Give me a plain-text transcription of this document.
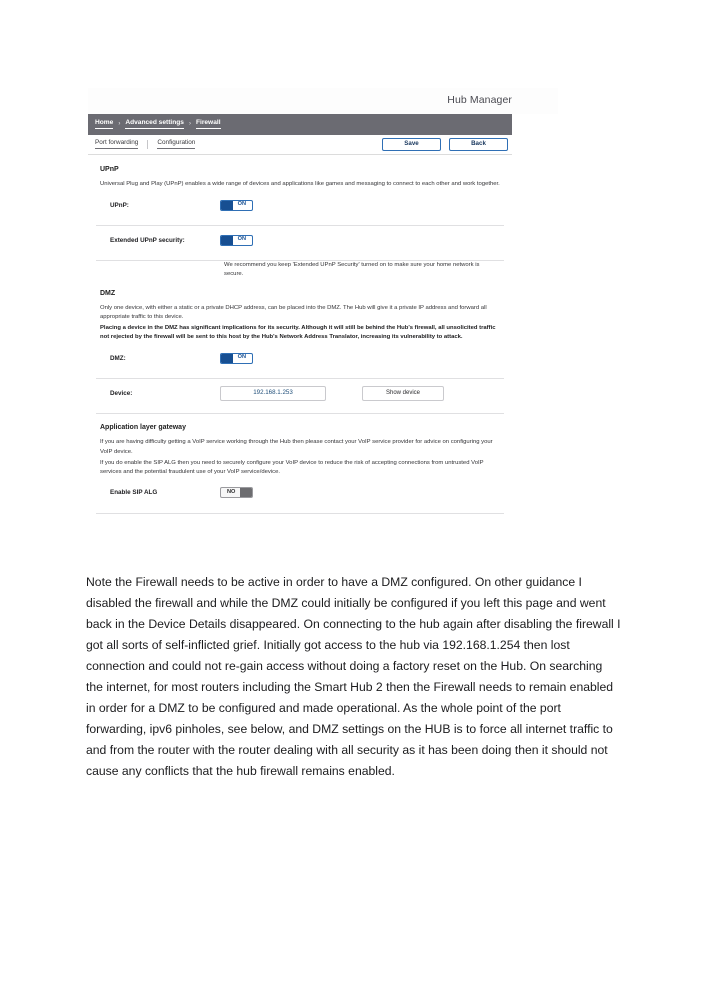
Hub Manager
Home › Advanced settings › Firewall
Port forwarding	Configuration	Save	Back
UPnP

Universal Plug and Play (UPnP) enables a wide range of devices and applications like games and messaging to connect to each other and work together.

UPnP:	ON
Extended UPnP security:	ON

We recommend you keep 'Extended UPnP Security' turned on to make sure your home network is secure.

DMZ

Only one device, with either a static or a private DHCP address, can be placed into the DMZ. The Hub will give it a private IP address and forward all appropriate traffic to this device.

Placing a device in the DMZ has significant implications for its security. Although it will still be behind the Hub's firewall, all unsolicited traffic not rejected by the firewall will be sent to this host by the Hub's Network Address Translator, increasing its vulnerability to attack.

DMZ:	ON
Device:	192.168.1.253	Show device
Application layer gateway

If you are having difficulty getting a VoIP service working through the Hub then please contact your VoIP service provider for advice on configuring your VoIP device.

If you do enable the SIP ALG then you need to securely configure your VoIP device to reduce the risk of accepting connections from untrusted VoIP services and the potential fraudulent use of your VoIP service/device.

Enable SIP ALG	NO
Note the Firewall needs to be active in order to have a DMZ configured. On other guidance I disabled the firewall and while the DMZ could initially be configured if you left this page and went back in the Device Details disappeared. On connecting to the hub again after disabling the firewall I got all sorts of self-inflicted grief. Initially got access to the hub via 192.168.1.254 then lost connection and could not re-gain access without doing a factory reset on the Hub. On searching the internet, for most routers including the Smart Hub 2 then the Firewall needs to remain enabled in order for a DMZ to be configured and made operational. As the whole point of the port forwarding, ipv6 pinholes, see below, and DMZ settings on the HUB is to force all internet traffic to and from the router with the router dealing with all security as it has been doing then it should not cause any conflicts that the hub firewall remains enabled.
